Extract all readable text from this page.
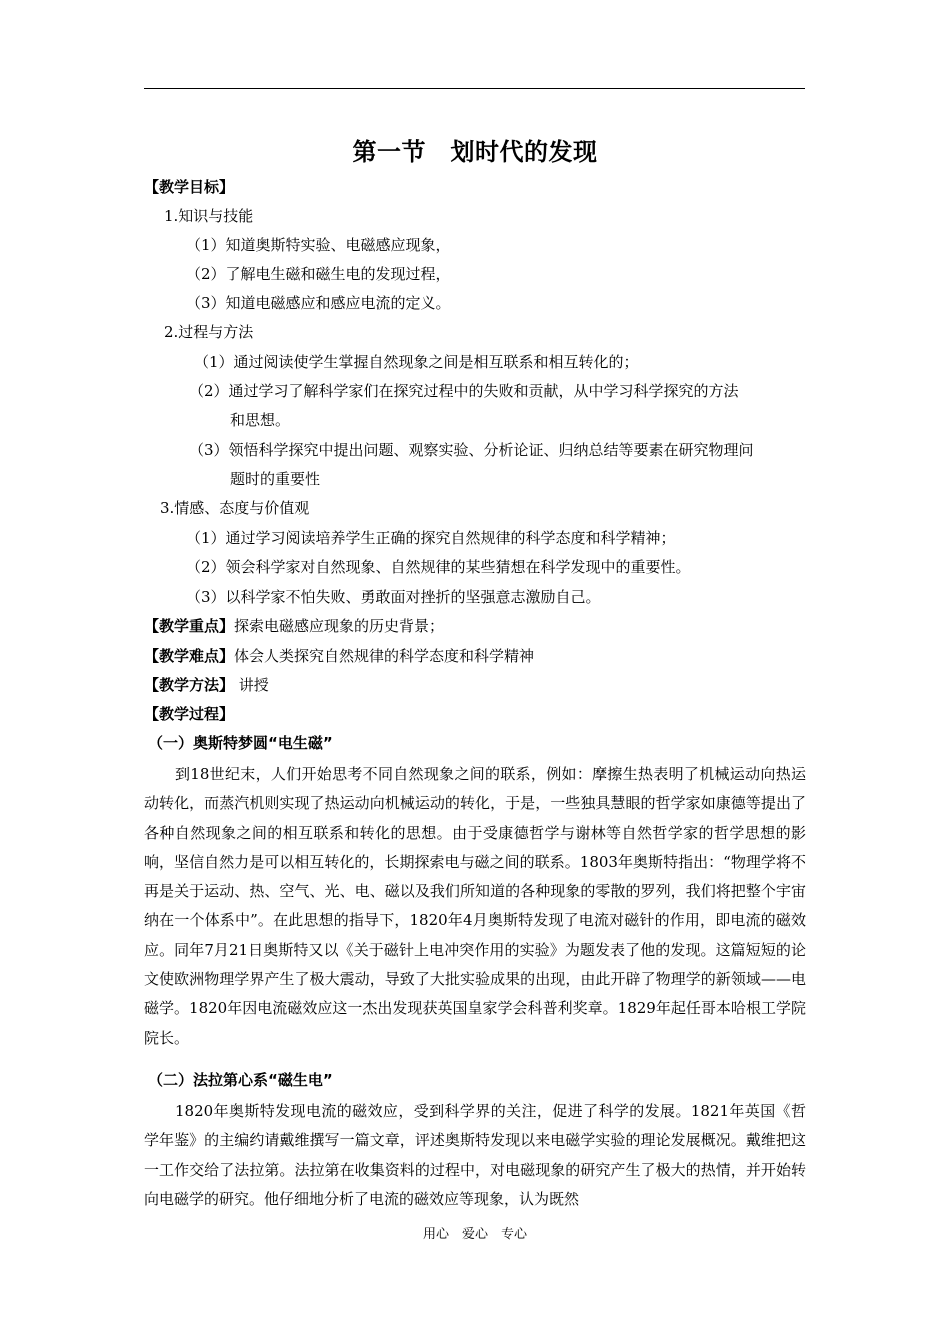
第一节　划时代的发现
【教学目标】
1.知识与技能
（1）知道奥斯特实验、电磁感应现象，
（2）了解电生磁和磁生电的发现过程，
（3）知道电磁感应和感应电流的定义。
2.过程与方法
（1）通过阅读使学生掌握自然现象之间是相互联系和相互转化的；
（2）通过学习了解科学家们在探究过程中的失败和贡献，从中学习科学探究的方法
和思想。
（3）领悟科学探究中提出问题、观察实验、分析论证、归纳总结等要素在研究物理问
题时的重要性
3.情感、态度与价值观
（1）通过学习阅读培养学生正确的探究自然规律的科学态度和科学精神；
（2）领会科学家对自然现象、自然规律的某些猜想在科学发现中的重要性。
（3）以科学家不怕失败、勇敢面对挫折的坚强意志激励自己。
【教学重点】探索电磁感应现象的历史背景；
【教学难点】体会人类探究自然规律的科学态度和科学精神
【教学方法】 讲授
【教学过程】
（一）奥斯特梦圆“电生磁”
到18世纪末，人们开始思考不同自然现象之间的联系，例如：摩擦生热表明了机械运动向热运动转化，而蒸汽机则实现了热运动向机械运动的转化，于是，一些独具慧眼的哲学家如康德等提出了各种自然现象之间的相互联系和转化的思想。由于受康德哲学与谢林等自然哲学家的哲学思想的影响，坚信自然力是可以相互转化的，长期探索电与磁之间的联系。1803年奥斯特指出：“物理学将不再是关于运动、热、空气、光、电、磁以及我们所知道的各种现象的零散的罗列，我们将把整个宇宙纳在一个体系中”。在此思想的指导下，1820年4月奥斯特发现了电流对磁针的作用，即电流的磁效应。同年7月21日奥斯特又以《关于磁针上电冲突作用的实验》为题发表了他的发现。这篇短短的论文使欧洲物理学界产生了极大震动，导致了大批实验成果的出现，由此开辟了物理学的新领域——电磁学。1820年因电流磁效应这一杰出发现获英国皇家学会科普利奖章。1829年起任哥本哈根工学院院长。
（二）法拉第心系“磁生电”
1820年奥斯特发现电流的磁效应，受到科学界的关注，促进了科学的发展。1821年英国《哲学年鉴》的主编约请戴维撰写一篇文章，评述奥斯特发现以来电磁学实验的理论发展概况。戴维把这一工作交给了法拉第。法拉第在收集资料的过程中，对电磁现象的研究产生了极大的热情，并开始转向电磁学的研究。他仔细地分析了电流的磁效应等现象，认为既然
用心　爱心　专心
